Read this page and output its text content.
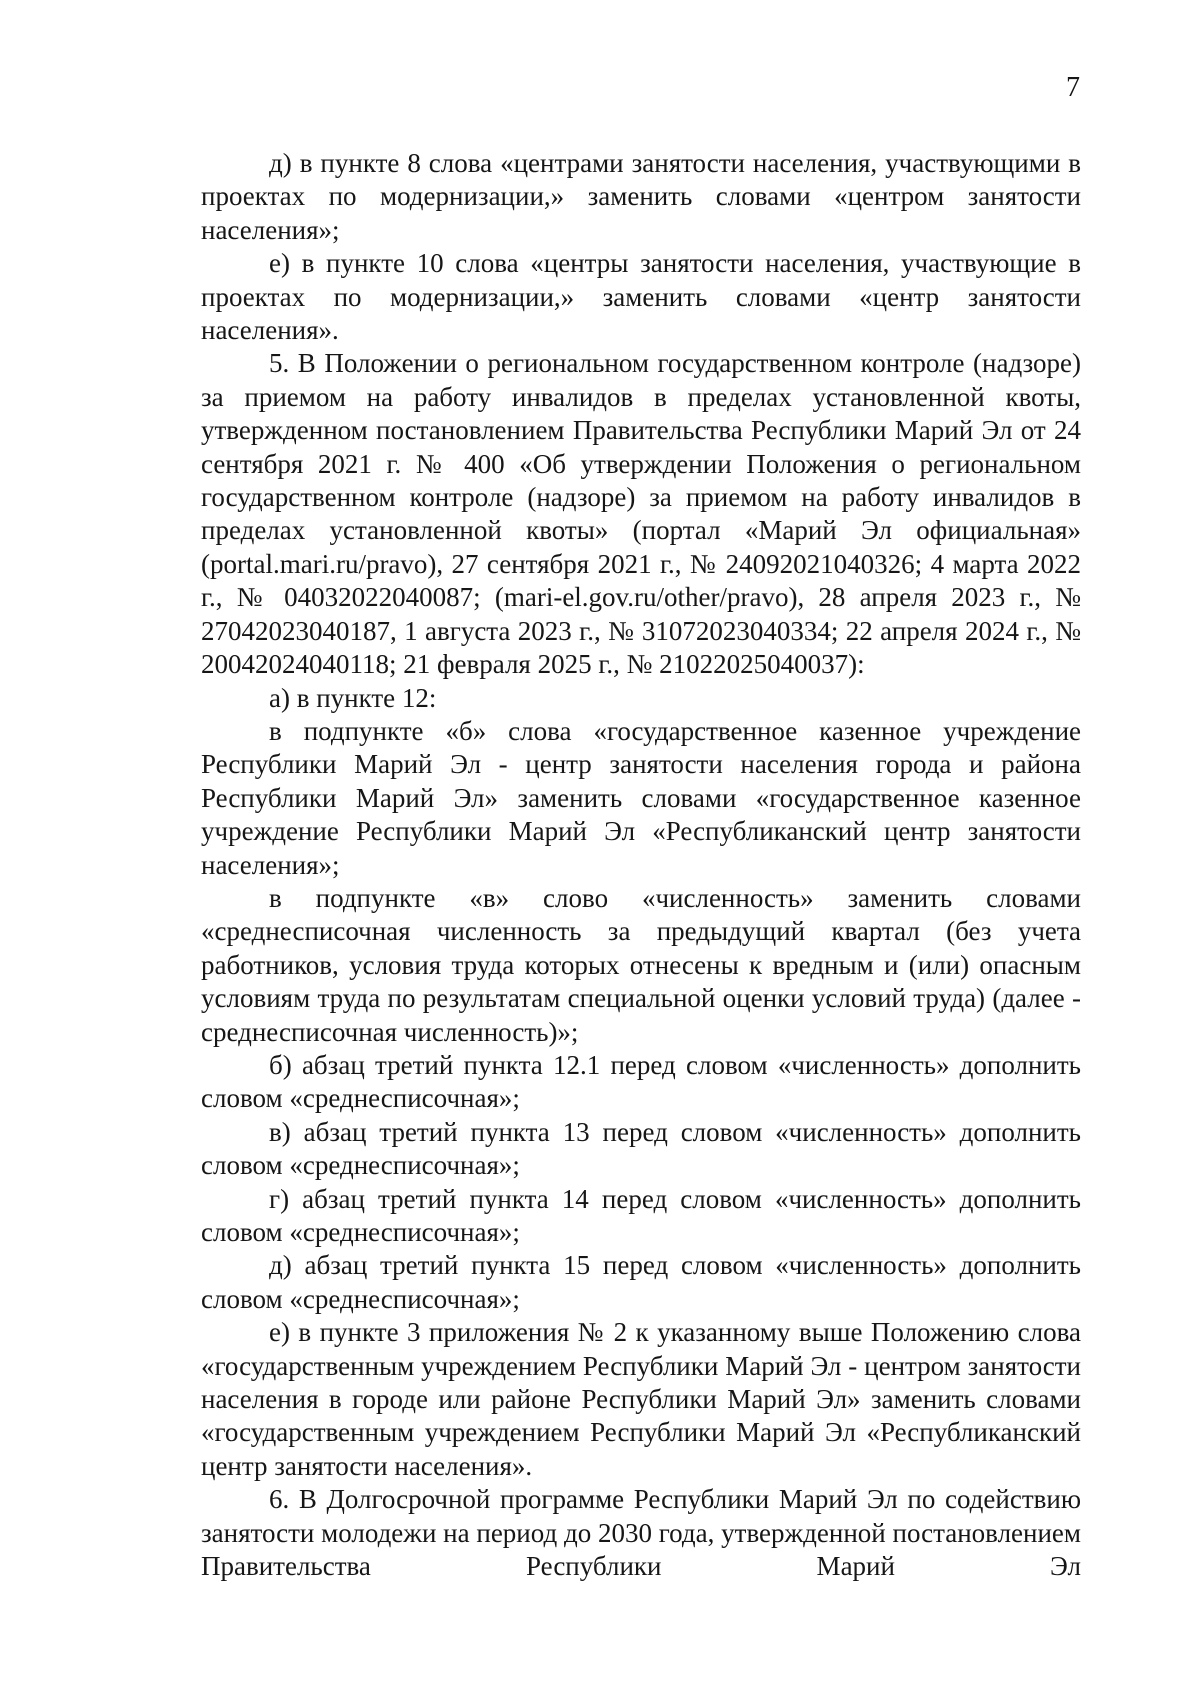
7

д) в пункте 8 слова «центрами занятости населения, участвующими в проектах по модернизации,» заменить словами «центром занятости населения»;

е) в пункте 10 слова «центры занятости населения, участвующие в проектах по модернизации,» заменить словами «центр занятости населения».

5. В Положении о региональном государственном контроле (надзоре) за приемом на работу инвалидов в пределах установленной квоты, утвержденном постановлением Правительства Республики Марий Эл от 24 сентября 2021 г. № 400 «Об утверждении Положения о региональном государственном контроле (надзоре) за приемом на работу инвалидов в пределах установленной квоты» (портал «Марий Эл официальная» (portal.mari.ru/pravo), 27 сентября 2021 г., № 24092021040326; 4 марта 2022 г., № 04032022040087; (mari-el.gov.ru/other/pravo), 28 апреля 2023 г., № 27042023040187, 1 августа 2023 г., № 31072023040334; 22 апреля 2024 г., № 20042024040118; 21 февраля 2025 г., № 21022025040037):

а) в пункте 12:

в подпункте «б» слова «государственное казенное учреждение Республики Марий Эл - центр занятости населения города и района Республики Марий Эл» заменить словами «государственное казенное учреждение Республики Марий Эл «Республиканский центр занятости населения»;

в подпункте «в» слово «численность» заменить словами «среднесписочная численность за предыдущий квартал (без учета работников, условия труда которых отнесены к вредным и (или) опасным условиям труда по результатам специальной оценки условий труда) (далее - среднесписочная численность)»;

б) абзац третий пункта 12.1 перед словом «численность» дополнить словом «среднесписочная»;

в) абзац третий пункта 13 перед словом «численность» дополнить словом «среднесписочная»;

г) абзац третий пункта 14 перед словом «численность» дополнить словом «среднесписочная»;

д) абзац третий пункта 15 перед словом «численность» дополнить словом «среднесписочная»;

е) в пункте 3 приложения № 2 к указанному выше Положению слова «государственным учреждением Республики Марий Эл - центром занятости населения в городе или районе Республики Марий Эл» заменить словами «государственным учреждением Республики Марий Эл «Республиканский центр занятости населения».

6. В Долгосрочной программе Республики Марий Эл по содействию занятости молодежи на период до 2030 года, утвержденной постановлением Правительства Республики Марий Эл
